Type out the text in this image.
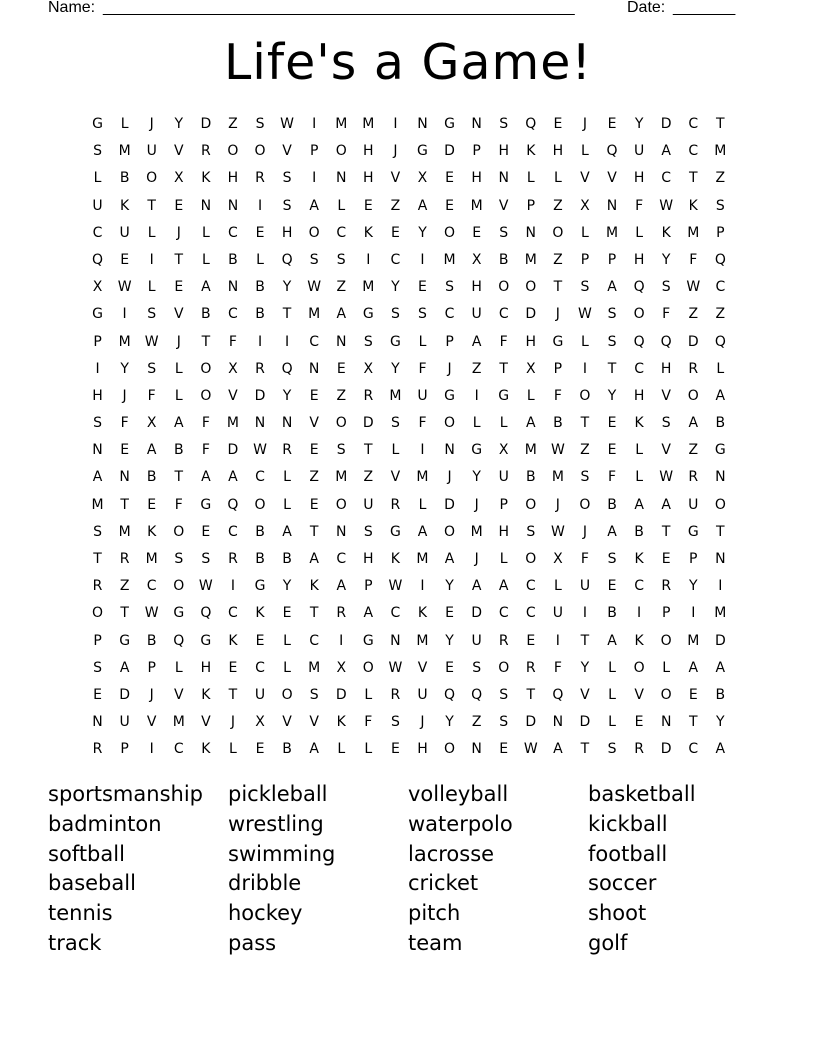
Name:

_____________________________________________________

	Date:

_______

Life's a Game!
G	L	J	Y	D	Z	S	W	I	M	M	I	N	G	N	S	Q	E	J	E	Y	D	C	T
S	M	U	V	R	O	O	V	P	O	H	J	G	D	P	H	K	H	L	Q	U	A	C	M
L	B	O	X	K	H	R	S	I	N	H	V	X	E	H	N	L	L	V	V	H	C	T	Z
U	K	T	E	N	N	I	S	A	L	E	Z	A	E	M	V	P	Z	X	N	F	W	K	S
C	U	L	J	L	C	E	H	O	C	K	E	Y	O	E	S	N	O	L	M	L	K	M	P
Q	E	I	T	L	B	L	Q	S	S	I	C	I	M	X	B	M	Z	P	P	H	Y	F	Q
X	W	L	E	A	N	B	Y	W	Z	M	Y	E	S	H	O	O	T	S	A	Q	S	W	C
G	I	S	V	B	C	B	T	M	A	G	S	S	C	U	C	D	J	W	S	O	F	Z	Z
P	M	W	J	T	F	I	I	C	N	S	G	L	P	A	F	H	G	L	S	Q	Q	D	Q
I	Y	S	L	O	X	R	Q	N	E	X	Y	F	J	Z	T	X	P	I	T	C	H	R	L
H	J	F	L	O	V	D	Y	E	Z	R	M	U	G	I	G	L	F	O	Y	H	V	O	A
S	F	X	A	F	M	N	N	V	O	D	S	F	O	L	L	A	B	T	E	K	S	A	B
N	E	A	B	F	D	W	R	E	S	T	L	I	N	G	X	M	W	Z	E	L	V	Z	G
A	N	B	T	A	A	C	L	Z	M	Z	V	M	J	Y	U	B	M	S	F	L	W	R	N
M	T	E	F	G	Q	O	L	E	O	U	R	L	D	J	P	O	J	O	B	A	A	U	O
S	M	K	O	E	C	B	A	T	N	S	G	A	O	M	H	S	W	J	A	B	T	G	T
T	R	M	S	S	R	B	B	A	C	H	K	M	A	J	L	O	X	F	S	K	E	P	N
R	Z	C	O	W	I	G	Y	K	A	P	W	I	Y	A	A	C	L	U	E	C	R	Y	I
O	T	W	G	Q	C	K	E	T	R	A	C	K	E	D	C	C	U	I	B	I	P	I	M
P	G	B	Q	G	K	E	L	C	I	G	N	M	Y	U	R	E	I	T	A	K	O	M	D
S	A	P	L	H	E	C	L	M	X	O	W	V	E	S	O	R	F	Y	L	O	L	A	A
E	D	J	V	K	T	U	O	S	D	L	R	U	Q	Q	S	T	Q	V	L	V	O	E	B
N	U	V	M	V	J	X	V	V	K	F	S	J	Y	Z	S	D	N	D	L	E	N	T	Y
R	P	I	C	K	L	E	B	A	L	L	E	H	O	N	E	W	A	T	S	R	D	C	A
sportsmanship	pickleball	volleyball	basketball
badminton	wrestling	waterpolo	kickball
softball	swimming	lacrosse	football
baseball	dribble	cricket	soccer
tennis	hockey	pitch	shoot
track	pass	team	golf
